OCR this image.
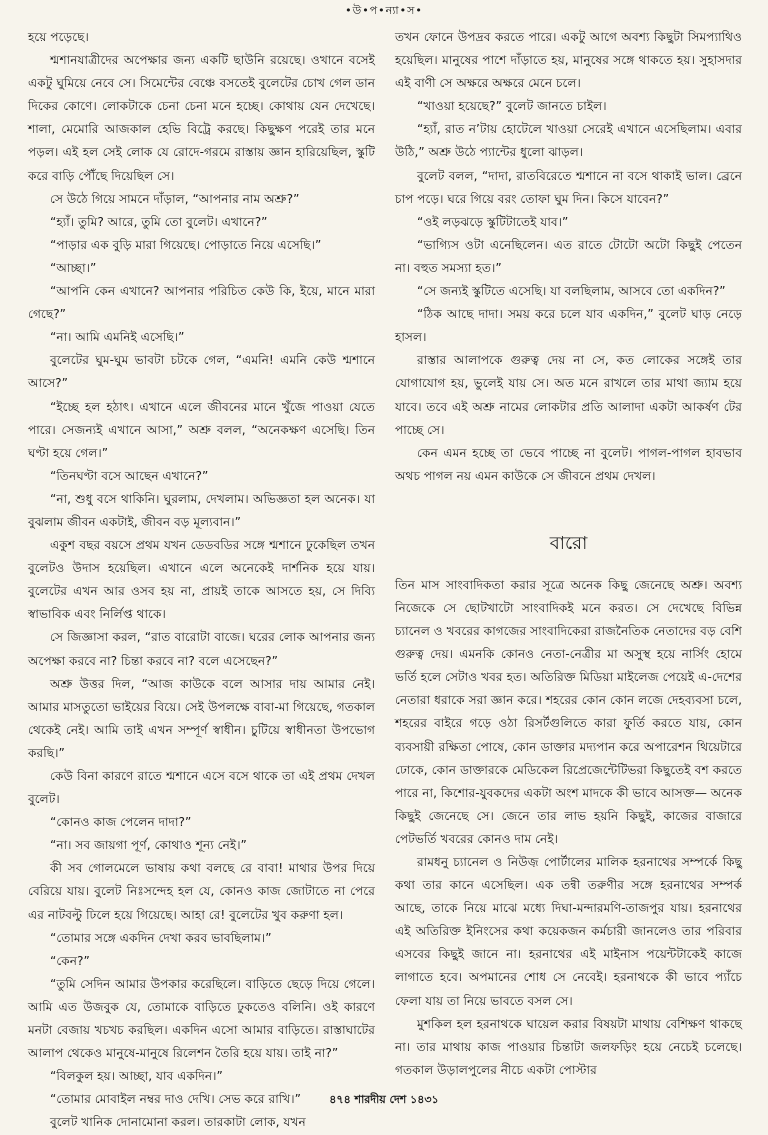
•উ•প•ন্যা•স•

হয়ে পড়েছে।

শ্মশানযাত্রীদের অপেক্ষার জন্য একটি ছাউনি রয়েছে। ওখানে বসেই একটু ঘুমিয়ে নেবে সে। সিমেন্টের বেঞ্চে বসতেই বুলেটের চোখ গেল ডান দিকের কোণে। লোকটাকে চেনা চেনা মনে হচ্ছে। কোথায় যেন দেখেছে। শালা, মেমোরি আজকাল হেভি বিট্রে করছে। কিছুক্ষণ পরেই তার মনে পড়ল। এই হল সেই লোক যে রোদে-গরমে রাস্তায় জ্ঞান হারিয়েছিল, স্কুটি করে বাড়ি পৌঁছে দিয়েছিল সে।

সে উঠে গিয়ে সামনে দাঁড়াল, “আপনার নাম অশ্রু?”

“হ্যাঁ। তুমি? আরে, তুমি তো বুলেট। এখানে?”

“পাড়ার এক বুড়ি মারা গিয়েছে। পোড়াতে নিয়ে এসেছি।”

“আচ্ছা।”

“আপনি কেন এখানে? আপনার পরিচিত কেউ কি, ইয়ে, মানে মারা গেছে?”

“না। আমি এমনিই এসেছি।”

বুলেটের ঘুম-ঘুম ভাবটা চটকে গেল, “এমনি! এমনি কেউ শ্মশানে আসে?”

“ইচ্ছে হল হঠাৎ। এখানে এলে জীবনের মানে খুঁজে পাওয়া যেতে পারে। সেজন্যই এখানে আসা,” অশ্রু বলল, “অনেকক্ষণ এসেছি। তিন ঘণ্টা হয়ে গেল।”

“তিনঘণ্টা বসে আছেন এখানে?”

“না, শুধু বসে থাকিনি। ঘুরলাম, দেখলাম। অভিজ্ঞতা হল অনেক। যা বুঝলাম জীবন একটাই, জীবন বড় মূল্যবান।”

একুশ বছর বয়সে প্রথম যখন ডেডবডির সঙ্গে শ্মশানে ঢুকেছিল তখন বুলেটও উদাস হয়েছিল। এখানে এলে অনেকেই দার্শনিক হয়ে যায়। বুলেটের এখন আর ওসব হয় না, প্রায়ই তাকে আসতে হয়, সে দিব্যি স্বাভাবিক এবং নির্লিপ্ত থাকে।

সে জিজ্ঞাসা করল, “রাত বারোটা বাজে। ঘরের লোক আপনার জন্য অপেক্ষা করবে না? চিন্তা করবে না? বলে এসেছেন?”

অশ্রু উত্তর দিল, “আজ কাউকে বলে আসার দায় আমার নেই। আমার মাসতুতো ভাইয়ের বিয়ে। সেই উপলক্ষে বাবা-মা গিয়েছে, গতকাল থেকেই নেই। আমি তাই এখন সম্পূর্ণ স্বাধীন। চুটিয়ে স্বাধীনতা উপভোগ করছি।”

কেউ বিনা কারণে রাতে শ্মশানে এসে বসে থাকে তা এই প্রথম দেখল বুলেট।

“কোনও কাজ পেলেন দাদা?”

“না। সব জায়গা পূর্ণ, কোথাও শূন্য নেই।”

কী সব গোলমেলে ভাষায় কথা বলছে রে বাবা! মাথার উপর দিয়ে বেরিয়ে যায়। বুলেট নিঃসন্দেহ হল যে, কোনও কাজ জোটাতে না পেরে এর নাটবল্টু ঢিলে হয়ে গিয়েছে। আহা রে! বুলেটের খুব করুণা হল।

“তোমার সঙ্গে একদিন দেখা করব ভাবছিলাম।”

“কেন?”

“তুমি সেদিন আমার উপকার করেছিলে। বাড়িতে ছেড়ে দিয়ে গেলে। আমি এত উজবুক যে, তোমাকে বাড়িতে ঢুকতেও বলিনি। ওই কারণে মনটা বেজায় খচখচ করছিল। একদিন এসো আমার বাড়িতে। রাস্তাঘাটের আলাপ থেকেও মানুষে-মানুষে রিলেশন তৈরি হয়ে যায়। তাই না?”

“বিলকুল হয়। আচ্ছা, যাব একদিন।”

“তোমার মোবাইল নম্বর দাও দেখি। সেভ করে রাখি।”

বুলেট খানিক দোনামোনা করল। তারকাটা লোক, যখন

তখন ফোনে উপদ্রব করতে পারে। একটু আগে অবশ্য কিছুটা সিমপ্যাথিও হয়েছিল। মানুষের পাশে দাঁড়াতে হয়, মানুষের সঙ্গে থাকতে হয়। সুহাসদার এই বাণী সে অক্ষরে অক্ষরে মেনে চলে।

“খাওয়া হয়েছে?” বুলেট জানতে চাইল।

“হ্যাঁ, রাত ন’টায় হোটেলে খাওয়া সেরেই এখানে এসেছিলাম। এবার উঠি,” অশ্রু উঠে প্যান্টের ধুলো ঝাড়ল।

বুলেট বলল, “দাদা, রাতবিরেতে শ্মশানে না বসে থাকাই ভাল। ব্রেনে চাপ পড়ে। ঘরে গিয়ে বরং তোফা ঘুম দিন। কিসে যাবেন?”

“ওই লড়ঝড়ে স্কুটিটাতেই যাব।”

“ভাগ্যিস ওটা এনেছিলেন। এত রাতে টোটো অটো কিছুই পেতেন না। বহুত সমস্যা হত।”

“সে জন্যই স্কুটিতে এসেছি। যা বলছিলাম, আসবে তো একদিন?”

“ঠিক আছে দাদা। সময় করে চলে যাব একদিন,” বুলেট ঘাড় নেড়ে হাসল।

রাস্তার আলাপকে গুরুত্ব দেয় না সে, কত লোকের সঙ্গেই তার যোগাযোগ হয়, ভুলেই যায় সে। অত মনে রাখলে তার মাথা জ্যাম হয়ে যাবে। তবে এই অশ্রু নামের লোকটার প্রতি আলাদা একটা আকর্ষণ টের পাচ্ছে সে।

কেন এমন হচ্ছে তা ভেবে পাচ্ছে না বুলেট। পাগল-পাগল হাবভাব অথচ পাগল নয় এমন কাউকে সে জীবনে প্রথম দেখল।

বারো

তিন মাস সাংবাদিকতা করার সূত্রে অনেক কিছু জেনেছে অশ্রু। অবশ্য নিজেকে সে ছোটখাটো সাংবাদিকই মনে করত। সে দেখেছে বিভিন্ন চ্যানেল ও খবরের কাগজের সাংবাদিকেরা রাজনৈতিক নেতাদের বড় বেশি গুরুত্ব দেয়। এমনকি কোনও নেতা-নেত্রীর মা অসুস্থ হয়ে নার্সিং হোমে ভর্তি হলে সেটাও খবর হত। অতিরিক্ত মিডিয়া মাইলেজ পেয়েই এ-দেশের নেতারা ধরাকে সরা জ্ঞান করে। শহরের কোন কোন লজে দেহব্যবসা চলে, শহরের বাইরে গড়ে ওঠা রিসর্টগুলিতে কারা ফুর্তি করতে যায়, কোন ব্যবসায়ী রক্ষিতা পোষে, কোন ডাক্তার মদ্যপান করে অপারেশন থিয়েটারে ঢোকে, কোন ডাক্তারকে মেডিকেল রিপ্রেজেন্টেটিভরা কিছুতেই বশ করতে পারে না, কিশোর-যুবকদের একটা অংশ মাদকে কী ভাবে আসক্ত— অনেক কিছুই জেনেছে সে। জেনে তার লাভ হয়নি কিছুই, কাজের বাজারে পেটভর্তি খবরের কোনও দাম নেই।

রামধনু চ্যানেল ও নিউজ় পোর্টালের মালিক হরনাথের সম্পর্কে কিছু কথা তার কানে এসেছিল। এক তন্বী তরুণীর সঙ্গে হরনাথের সম্পর্ক আছে, তাকে নিয়ে মাঝে মধ্যে দিঘা-মন্দারমণি-তাজপুর যায়। হরনাথের এই অতিরিক্ত ইনিংসের কথা কয়েকজন কর্মচারী জানলেও তার পরিবার এসবের কিছুই জানে না। হরনাথের এই মাইনাস পয়েন্টটাকেই কাজে লাগাতে হবে। অপমানের শোধ সে নেবেই। হরনাথকে কী ভাবে প্যাঁচে ফেলা যায় তা নিয়ে ভাবতে বসল সে।

মুশকিল হল হরনাথকে ঘায়েল করার বিষয়টা মাথায় বেশিক্ষণ থাকছে না। তার মাথায় কাজ পাওয়ার চিন্তাটা জলফড়িং হয়ে নেচেই চলেছে। গতকাল উড়ালপুলের নীচে একটা পোস্টার

৪৭৪ শারদীয় দেশ ১৪৩১
